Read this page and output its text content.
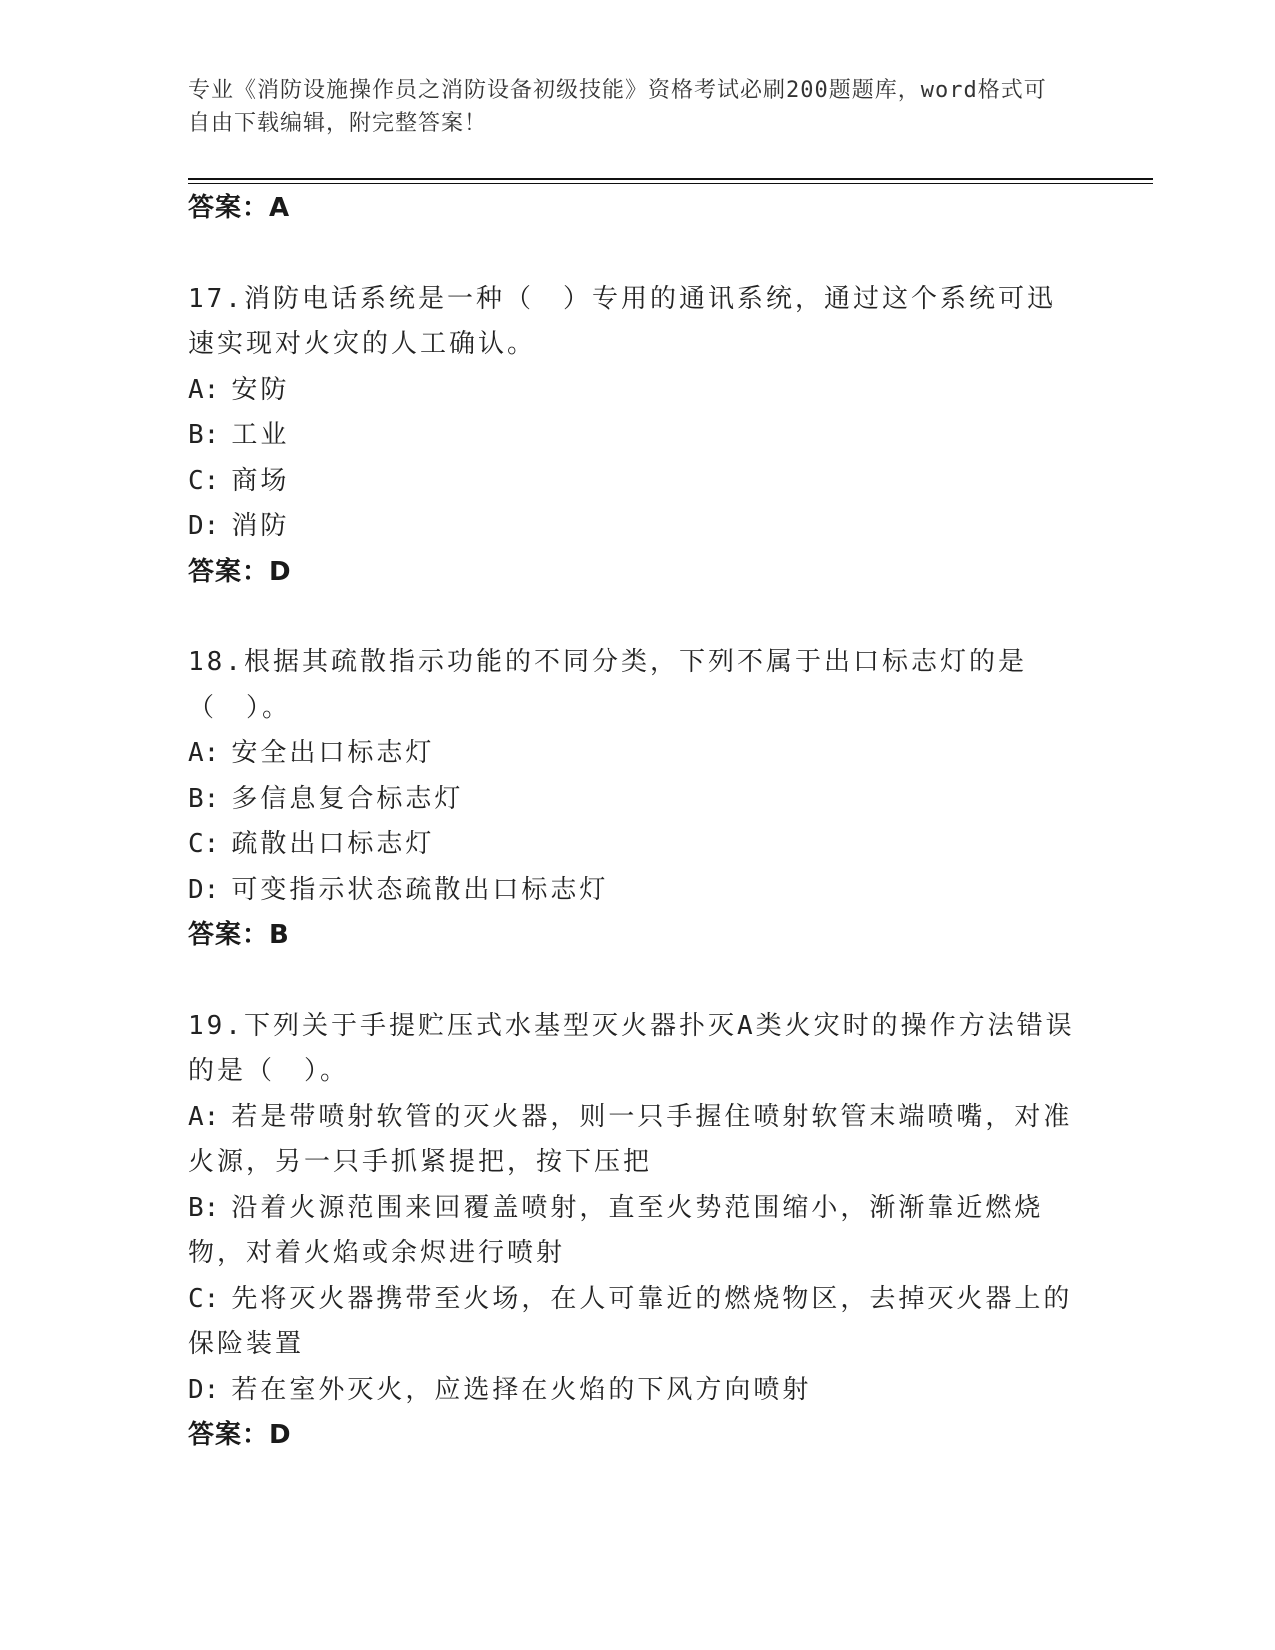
专业《消防设施操作员之消防设备初级技能》资格考试必刷200题题库，word格式可自由下载编辑，附完整答案！
答案：A
17.消防电话系统是一种（　）专用的通讯系统，通过这个系统可迅速实现对火灾的人工确认。
A: 安防
B: 工业
C: 商场
D: 消防
答案：D
18.根据其疏散指示功能的不同分类，下列不属于出口标志灯的是（　）。
A: 安全出口标志灯
B: 多信息复合标志灯
C: 疏散出口标志灯
D: 可变指示状态疏散出口标志灯
答案：B
19.下列关于手提贮压式水基型灭火器扑灭A类火灾时的操作方法错误的是（　）。
A: 若是带喷射软管的灭火器，则一只手握住喷射软管末端喷嘴，对准火源，另一只手抓紧提把，按下压把
B: 沿着火源范围来回覆盖喷射，直至火势范围缩小，渐渐靠近燃烧物，对着火焰或余烬进行喷射
C: 先将灭火器携带至火场，在人可靠近的燃烧物区，去掉灭火器上的保险装置
D: 若在室外灭火，应选择在火焰的下风方向喷射
答案：D
